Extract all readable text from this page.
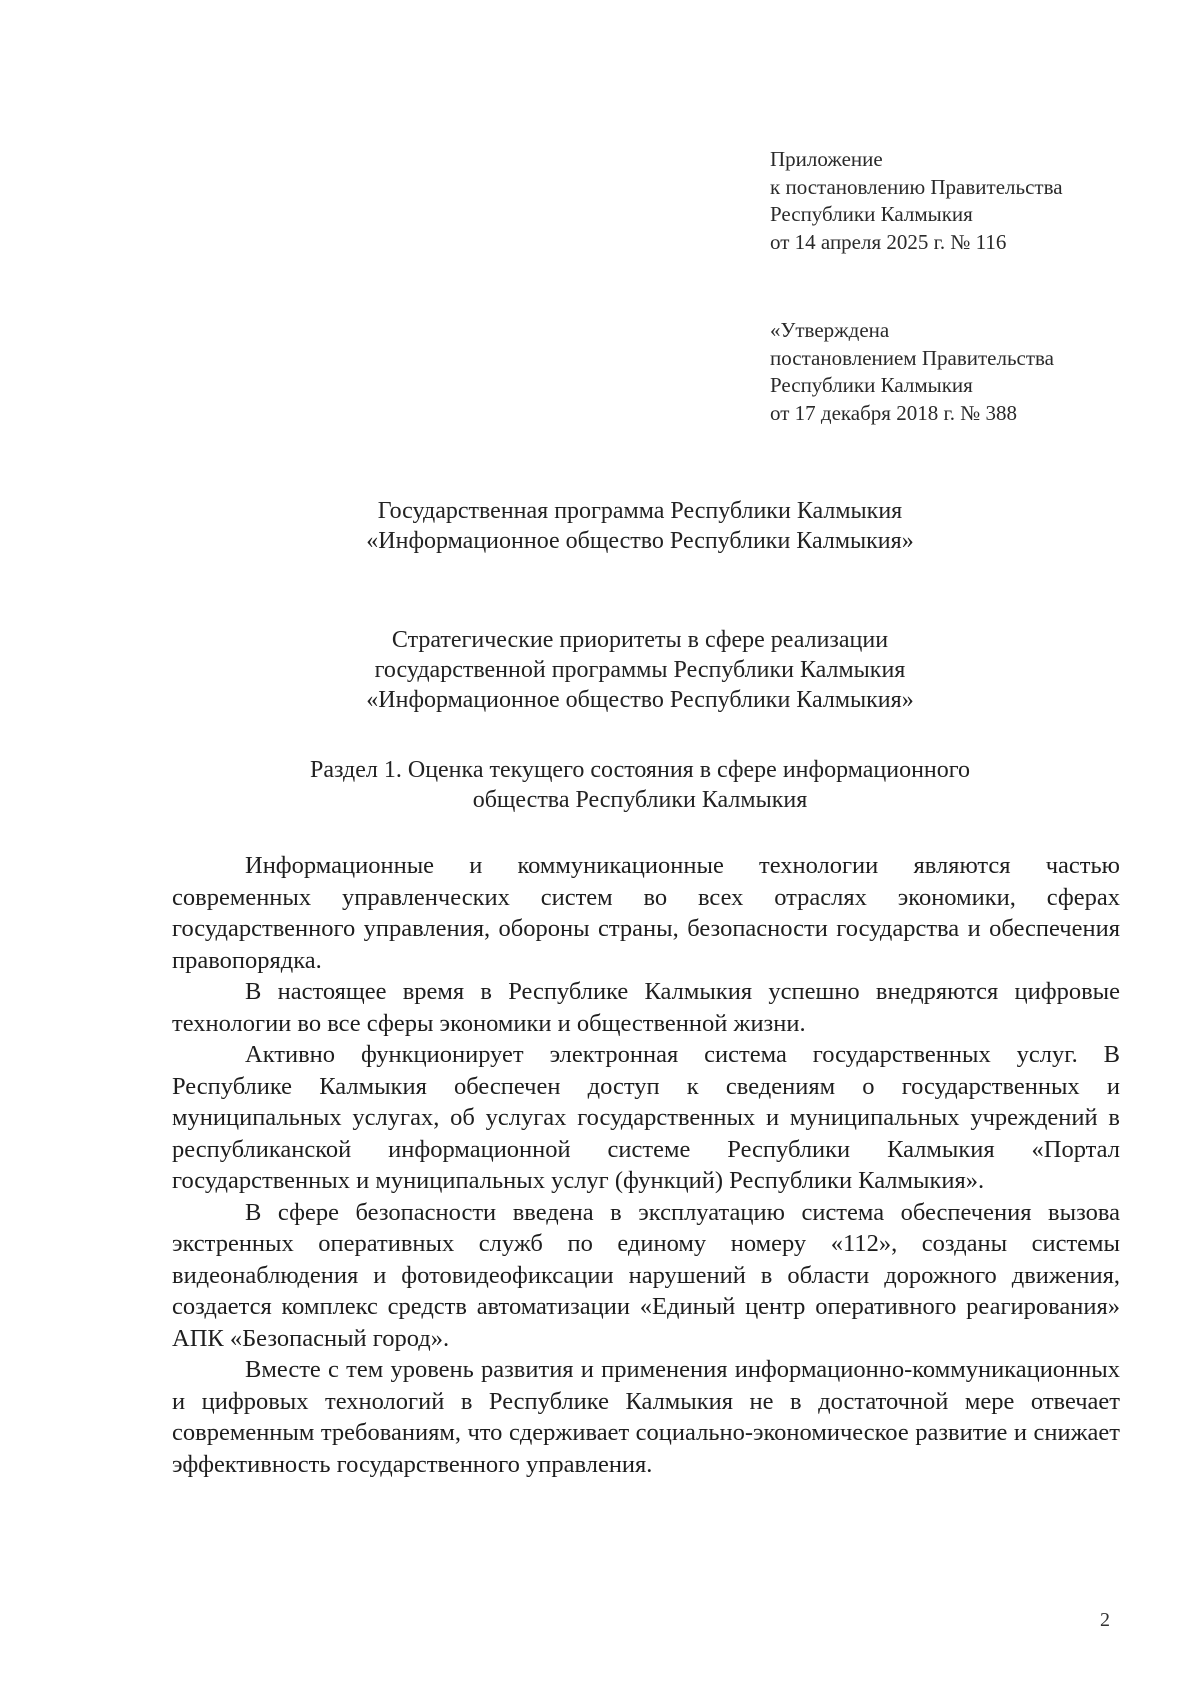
Приложение
к постановлению Правительства
Республики Калмыкия
от 14 апреля 2025 г. № 116
«Утверждена
постановлением Правительства
Республики Калмыкия
от 17 декабря 2018 г. № 388
Государственная программа Республики Калмыкия
«Информационное общество Республики Калмыкия»
Стратегические приоритеты в сфере реализации
государственной программы Республики Калмыкия
«Информационное общество Республики Калмыкия»
Раздел 1. Оценка текущего состояния в сфере информационного
общества Республики Калмыкия

Информационные и коммуникационные технологии являются частью современных управленческих систем во всех отраслях экономики, сферах государственного управления, обороны страны, безопасности государства и обеспечения правопорядка.

В настоящее время в Республике Калмыкия успешно внедряются цифровые технологии во все сферы экономики и общественной жизни.

Активно функционирует электронная система государственных услуг. В Республике Калмыкия обеспечен доступ к сведениям о государственных и муниципальных услугах, об услугах государственных и муниципальных учреждений в республиканской информационной системе Республики Калмыкия «Портал государственных и муниципальных услуг (функций) Республики Калмыкия».

В сфере безопасности введена в эксплуатацию система обеспечения вызова экстренных оперативных служб по единому номеру «112», созданы системы видеонаблюдения и фотовидеофиксации нарушений в области дорожного движения, создается комплекс средств автоматизации «Единый центр оперативного реагирования» АПК «Безопасный город».

Вместе с тем уровень развития и применения информационно-коммуникационных и цифровых технологий в Республике Калмыкия не в достаточной мере отвечает современным требованиям, что сдерживает социально-экономическое развитие и снижает эффективность государственного управления.

2
